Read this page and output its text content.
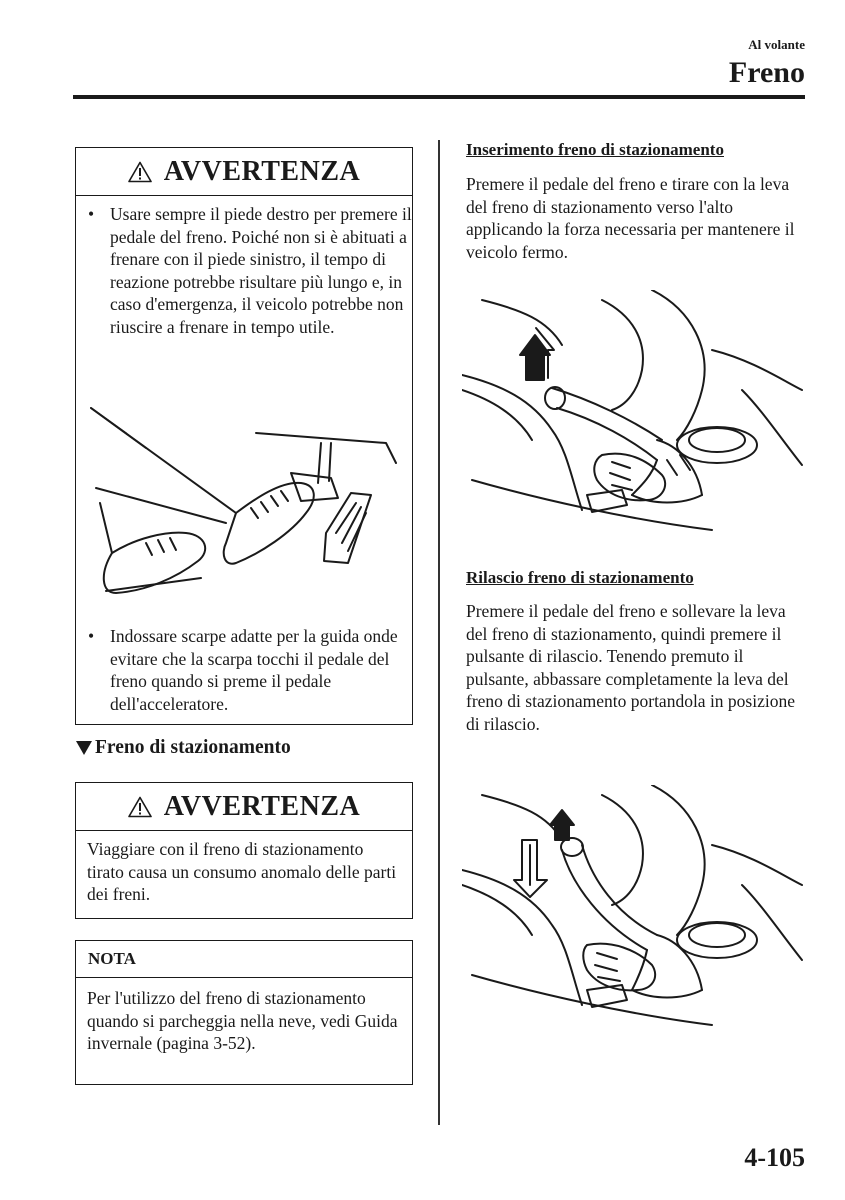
Al volante
Freno
AVVERTENZA
• Usare sempre il piede destro per premere il pedale del freno. Poiché non si è abituati a frenare con il piede sinistro, il tempo di reazione potrebbe risultare più lungo e, in caso d'emergenza, il veicolo potrebbe non riuscire a frenare in tempo utile.
• Indossare scarpe adatte per la guida onde evitare che la scarpa tocchi il pedale del freno quando si preme il pedale dell'acceleratore.
Freno di stazionamento
AVVERTENZA
Viaggiare con il freno di stazionamento tirato causa un consumo anomalo delle parti dei freni.
NOTA
Per l'utilizzo del freno di stazionamento quando si parcheggia nella neve, vedi Guida invernale (pagina 3-52).
Inserimento freno di stazionamento
Premere il pedale del freno e tirare con la leva del freno di stazionamento verso l'alto applicando la forza necessaria per mantenere il veicolo fermo.
Rilascio freno di stazionamento
Premere il pedale del freno e sollevare la leva del freno di stazionamento, quindi premere il pulsante di rilascio. Tenendo premuto il pulsante, abbassare completamente la leva del freno di stazionamento portandola in posizione di rilascio.
4-105
